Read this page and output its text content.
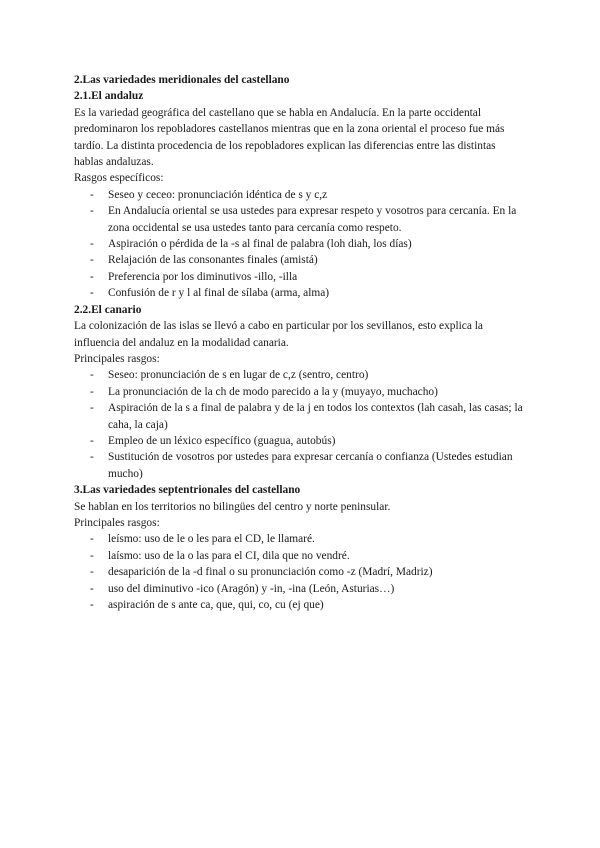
2.Las variedades meridionales del castellano

2.1.El andaluz

Es la variedad geográfica del castellano que se habla en Andalucía. En la parte occidental predominaron los repobladores castellanos mientras que en la zona oriental el proceso fue más tardío. La distinta procedencia de los repobladores explican las diferencias entre las distintas hablas andaluzas.

Rasgos específicos:

- Seseo y ceceo: pronunciación idéntica de s y c,z
- En Andalucía oriental se usa ustedes para expresar respeto y vosotros para cercanía. En la zona occidental se usa ustedes tanto para cercanía como respeto.
- Aspiración o pérdida de la -s al final de palabra (loh diah, los días)
- Relajación de las consonantes finales (amistá)
- Preferencia por los diminutivos -illo, -illa
- Confusión de r y l al final de sílaba (arma, alma)

2.2.El canario

La colonización de las islas se llevó a cabo en particular por los sevillanos, esto explica la influencia del andaluz en la modalidad canaria.

Principales rasgos:

- Seseo: pronunciación de s en lugar de c,z (sentro, centro)
- La pronunciación de la ch de modo parecido a la y (muyayo, muchacho)
- Aspiración de la s a final de palabra y de la j en todos los contextos (lah casah, las casas; la caha, la caja)
- Empleo de un léxico específico (guagua, autobús)
- Sustitución de vosotros por ustedes para expresar cercanía o confianza (Ustedes estudian mucho)

3.Las variedades septentrionales del castellano

Se hablan en los territorios no bilingües del centro y norte peninsular.

Principales rasgos:

- leísmo: uso de le o les para el CD, le llamaré.
- laísmo: uso de la o las para el CI, dila que no vendré.
- desaparición de la -d final o su pronunciación como -z (Madrí, Madriz)
- uso del diminutivo -ico (Aragón) y -in, -ina (León, Asturias…)
- aspiración de s ante ca, que, qui, co, cu (ej que)
